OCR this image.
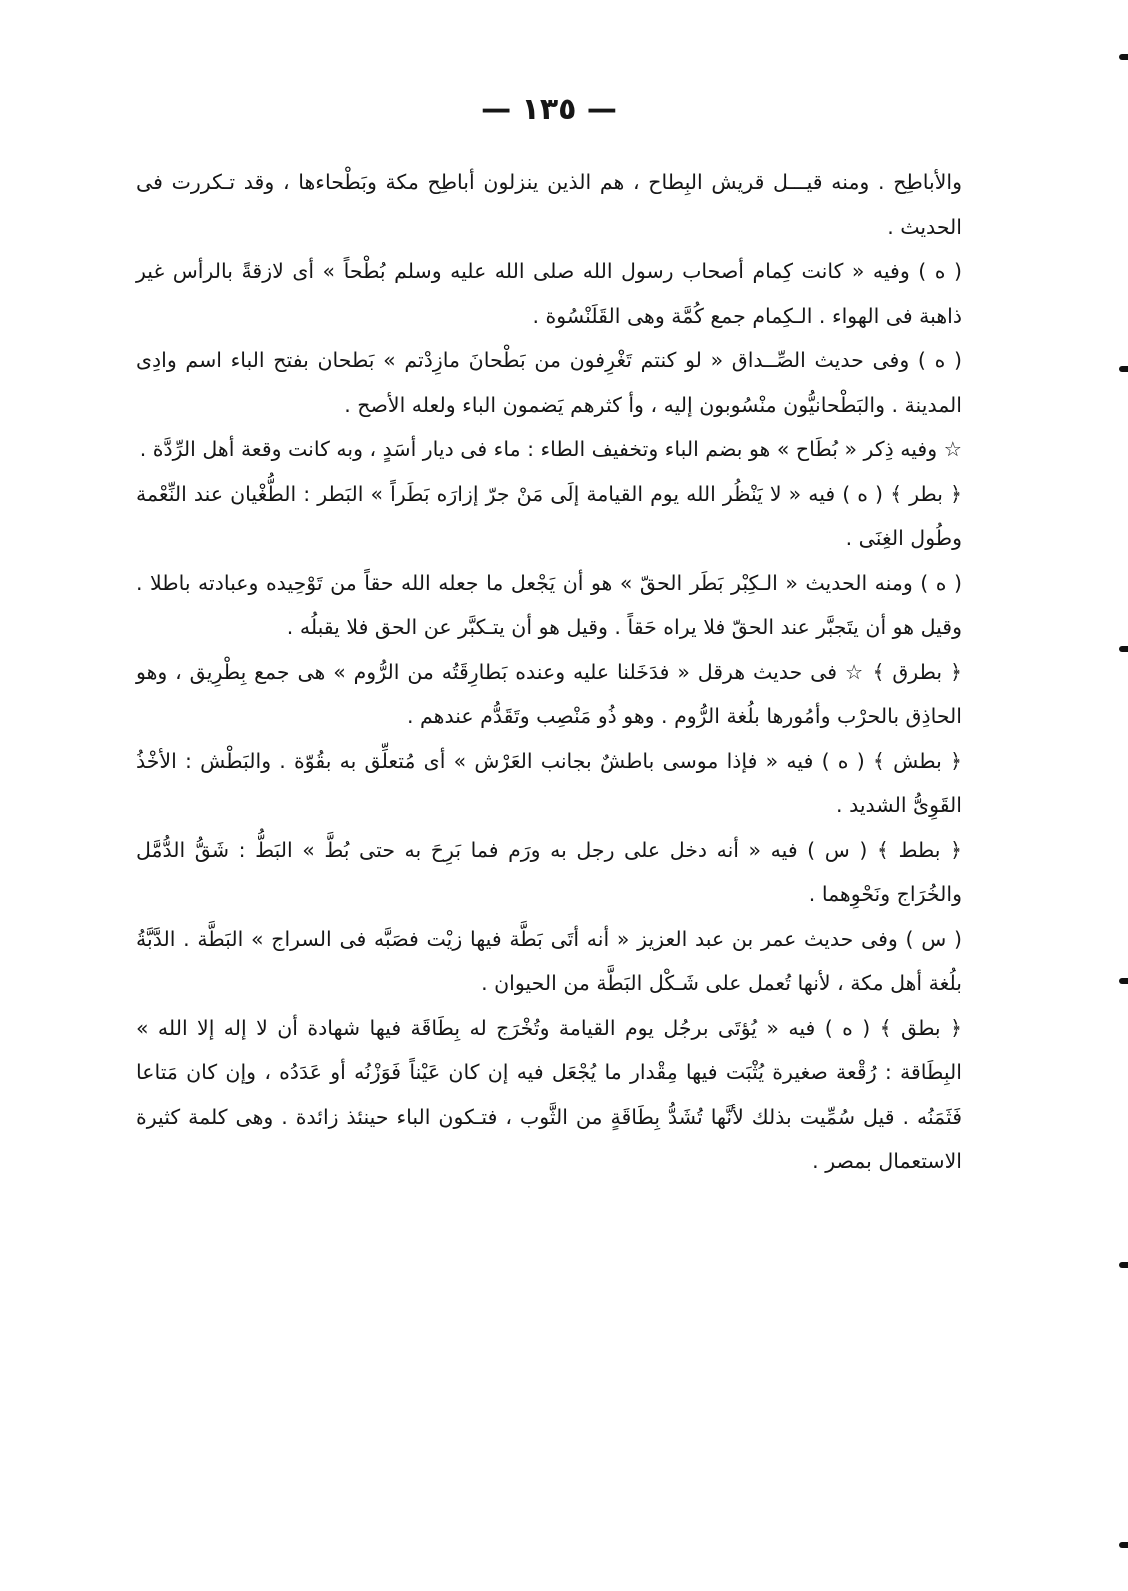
— ١٣٥ —

والأباطِح . ومنه قيـــل قريش البِطاح ، هم الذين ينزلون أباطِح مكة وبَطْحاءها ، وقد تـكررت فى الحديث .

( ه ) وفيه « كانت كِمام أصحاب رسول الله صلى الله عليه وسلم بُطْحاً » أى لازقةً بالرأس غير ذاهبة فى الهواء . الـكِمام جمع كُمَّة وهى القَلَنْسُوة .

( ه ) وفى حديث الصِّــداق « لو كنتم تَغْرِفون من بَطْحانَ مازِدْتم » بَطحان بفتح الباء اسم وادِى المدينة . والبَطْحانيُّون منْسُوبون إليه ، وأ كثرهم يَضمون الباء ولعله الأصح .

☆ وفيه ذِكر « بُطَاح » هو بضم الباء وتخفيف الطاء : ماء فى ديار أسَدٍ ، وبه كانت وقعة أهل الرِّدَّة .

﴿ بطر ﴾ ( ه ) فيه « لا يَنْظُر الله يوم القيامة إلَى مَنْ جرّ إزارَه بَطَراً » البَطر : الطُّغْيان عند النِّعْمة وطُول الغِنَى .

( ه ) ومنه الحديث « الـكِبْر بَطَر الحقّ » هو أن يَجْعل ما جعله الله حقاً من تَوْحِيده وعبادته باطلا . وقيل هو أن يتَجبَّر عند الحقّ فلا يراه حَقاً . وقيل هو أن يتـكبَّر عن الحق فلا يقبلُه .

﴿ بطرق ﴾ ☆ فى حديث هرقل « فدَخَلنا عليه وعنده بَطارِقَتُه من الرُّوم » هى جمع بِطْرِيق ، وهو الحاذِق بالحرْب وأمُورها بلُغة الرُّوم . وهو ذُو مَنْصِب وتَقَدُّم عندهم .

﴿ بطش ﴾ ( ه ) فيه « فإذا موسى باطشٌ بجانب العَرْش » أى مُتعلِّق به بقُوّة . والبَطْش : الأخْذُ القَوِىُّ الشديد .

﴿ بطط ﴾ ( س ) فيه « أنه دخل على رجل به ورَم فما بَرِحَ به حتى بُطَّ » البَطُّ : شَقُّ الدُّمَّل والخُرَاج ونَحْوِهما .

( س ) وفى حديث عمر بن عبد العزيز « أنه أتَى بَطَّة فيها زيْت فصَبَّه فى السراج » البَطَّة . الدَّبَّةُ بلُغة أهل مكة ، لأنها تُعمل على شَـكْل البَطَّة من الحيوان .

﴿ بطق ﴾ ( ه ) فيه « يُؤتَى برجُل يوم القيامة وتُخْرَج له بِطَاقَة فيها شهادة أن لا إله إلا الله » البِطَاقة : رُقْعة صغيرة يُثْبَت فيها مِقْدار ما يُجْعَل فيه إن كان عَيْناً فَوَزْنُه أو عَدَدُه ، وإن كان مَتاعا فَثَمَنُه . قيل سُمِّيت بذلك لأنَّها تُشَدُّ بِطَاقَةٍ من الثَّوب ، فتـكون الباء حينئذ زائدة . وهى كلمة كثيرة الاستعمال بمصر .
